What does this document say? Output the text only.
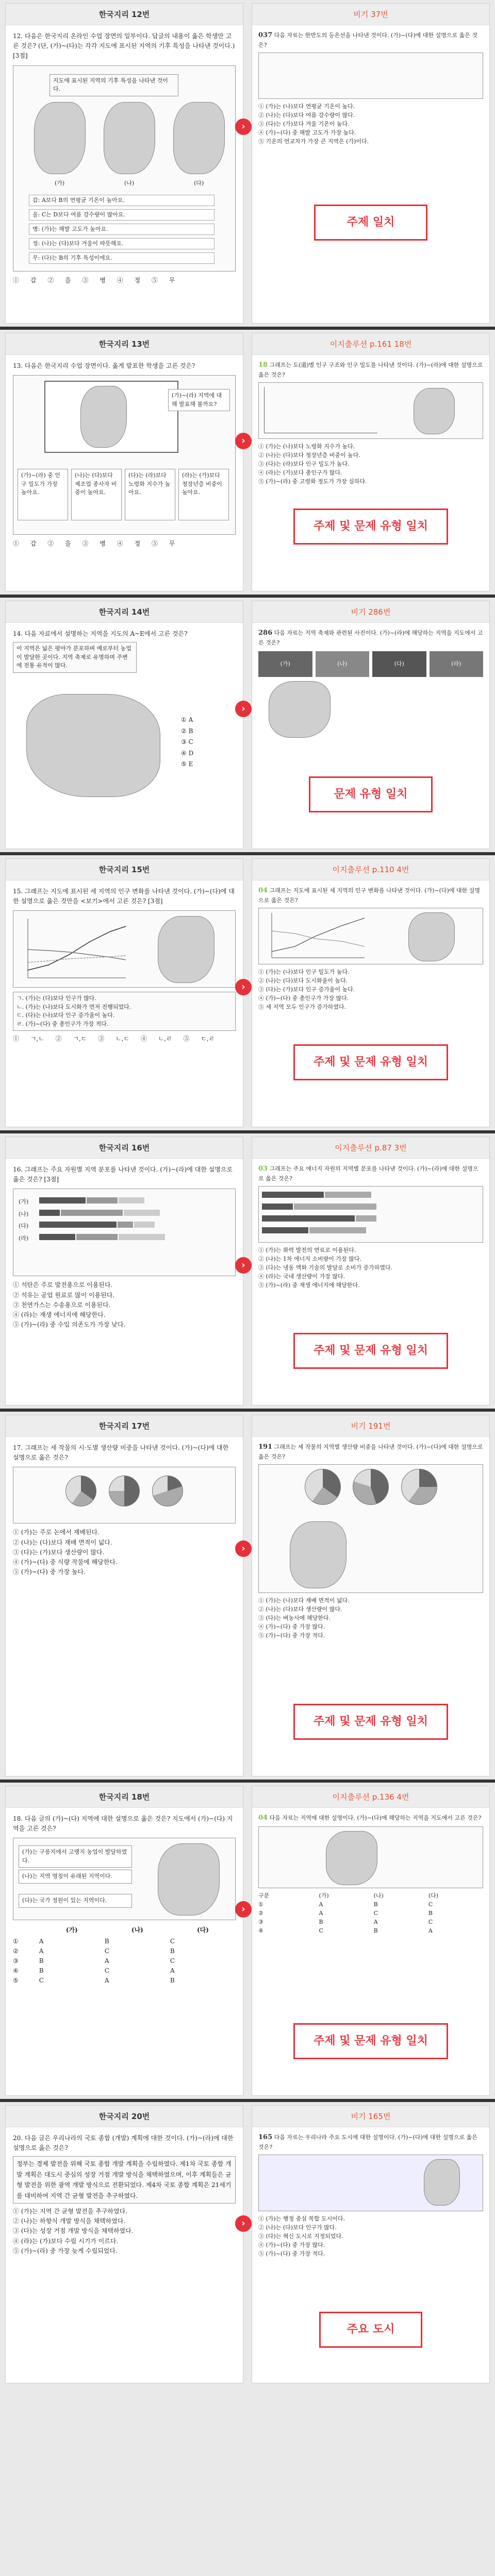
한국지리 12번
12. 다음은 한국지리 온라인 수업 장면의 일부이다. 답글의 내용이 옳은 학생만 고른 것은? (단, (가)~(다)는 각각 지도에 표시된 지역의 기후 특성을 나타낸 것이다.) [3점]
지도에 표시된 지역의 기후 특성을 나타낸 것이다.
(가)	(나)	(다)
갑: A보다 B의 연평균 기온이 높아요.
을: C는 D보다 여름 강수량이 많아요.
병: (가)는 해발 고도가 높아요.
정: (나)는 (다)보다 겨울이 따뜻해요.
무: (다)는 B의 기후 특성이에요.
① 갑 ② 을 ③ 병 ④ 정 ⑤ 무
›
비기 37번
037 다음 자료는 한반도의 등온선을 나타낸 것이다. (가)~(다)에 대한 설명으로 옳은 것은?
① (가)는 (나)보다 연평균 기온이 높다.
② (나)는 (다)보다 여름 강수량이 많다.
③ (다)는 (가)보다 겨울 기온이 높다.
④ (가)~(다) 중 해발 고도가 가장 높다.
⑤ 기온의 연교차가 가장 큰 지역은 (가)이다.
주제 일치
한국지리 13번
13. 다음은 한국지리 수업 장면이다. 옳게 발표한 학생을 고른 것은?
(가)~(라) 지역에 대해 발표해 볼까요?
(가)~(라) 중 인구 밀도가 가장 높아요.
(나)는 (다)보다 제조업 종사자 비중이 높아요.
(다)는 (라)보다 노령화 지수가 높아요.
(라)는 (가)보다 청장년층 비중이 높아요.
① 갑 ② 을 ③ 병 ④ 정 ⑤ 무
›
이지출루션 p.161 18번
18 그래프는 도(道)별 인구 구조와 인구 밀도를 나타낸 것이다. (가)~(라)에 대한 설명으로 옳은 것은?
① (가)는 (나)보다 노령화 지수가 높다.
② (나)는 (다)보다 청장년층 비중이 높다.
③ (다)는 (라)보다 인구 밀도가 높다.
④ (라)는 (가)보다 총인구가 많다.
⑤ (가)~(라) 중 고령화 정도가 가장 심하다.
주제 및 문제 유형 일치
한국지리 14번
14. 다음 자료에서 설명하는 지역을 지도의 A~E에서 고른 것은?
이 지역은 넓은 평야가 분포하며 예로부터 농업이 발달한 곳이다. 지역 축제로 유명하며 주변에 전통 유적이 많다.
① A
② B
③ C
④ D
⑤ E
›
비기 286번
286 다음 자료는 지역 축제와 관련된 사진이다. (가)~(라)에 해당하는 지역을 지도에서 고른 것은?
(가)	(나)	(다)	(라)
문제 유형 일치
한국지리 15번
15. 그래프는 지도에 표시된 세 지역의 인구 변화를 나타낸 것이다. (가)~(다)에 대한 설명으로 옳은 것만을 <보기>에서 고른 것은? [3점]
ㄱ. (가)는 (다)보다 인구가 많다.
ㄴ. (가)는 (나)보다 도시화가 먼저 진행되었다.
ㄷ. (다)는 (나)보다 인구 증가율이 높다.
ㄹ. (가)~(다) 중 총인구가 가장 적다.
① ㄱ,ㄴ ② ㄱ,ㄷ ③ ㄴ,ㄷ ④ ㄴ,ㄹ ⑤ ㄷ,ㄹ
›
이지출루션 p.110 4번
04 그래프는 지도에 표시된 세 지역의 인구 변화를 나타낸 것이다. (가)~(다)에 대한 설명으로 옳은 것은?
① (가)는 (나)보다 인구 밀도가 높다.
② (나)는 (다)보다 도시화율이 높다.
③ (다)는 (가)보다 인구 증가율이 높다.
④ (가)~(다) 중 총인구가 가장 많다.
⑤ 세 지역 모두 인구가 증가하였다.
주제 및 문제 유형 일치
한국지리 16번
16. 그래프는 주요 자원별 지역 분포를 나타낸 것이다. (가)~(라)에 대한 설명으로 옳은 것은? [3점]
(가)
(나)
(다)
(라)
① 석탄은 주로 발전용으로 이용된다.
② 석유는 공업 원료로 많이 이용된다.
③ 천연가스는 수송용으로 이용된다.
④ (라)는 재생 에너지에 해당한다.
⑤ (가)~(라) 중 수입 의존도가 가장 낮다.
›
이지출루션 p.87 3번
03 그래프는 주요 에너지 자원의 지역별 분포를 나타낸 것이다. (가)~(라)에 대한 설명으로 옳은 것은?
① (가)는 화력 발전의 연료로 이용된다.
② (나)는 1차 에너지 소비량이 가장 많다.
③ (다)는 냉동 액화 기술의 발달로 소비가 증가하였다.
④ (라)는 국내 생산량이 가장 많다.
⑤ (가)~(라) 중 재생 에너지에 해당한다.
주제 및 문제 유형 일치
한국지리 17번
17. 그래프는 세 작물의 시·도별 생산량 비중을 나타낸 것이다. (가)~(다)에 대한 설명으로 옳은 것은?

① (가)는 주로 논에서 재배된다.
② (나)는 (다)보다 재배 면적이 넓다.
③ (다)는 (가)보다 생산량이 많다.
④ (가)~(다) 중 식량 작물에 해당한다.
⑤ (가)~(다) 중 가장 높다.
›
비기 191번
191 그래프는 세 작물의 지역별 생산량 비중을 나타낸 것이다. (가)~(다)에 대한 설명으로 옳은 것은?

① (가)는 (나)보다 재배 면적이 넓다.
② (나)는 (다)보다 생산량이 많다.
③ (다)는 벼농사에 해당한다.
④ (가)~(다) 중 가장 많다.
⑤ (가)~(다) 중 가장 적다.
주제 및 문제 유형 일치
한국지리 18번
18. 다음 글의 (가)~(다) 지역에 대한 설명으로 옳은 것은? 지도에서 (가)~(다) 지역을 고른 것은?
(가)는 구릉지에서 고랭지 농업이 발달하였다.
(나)는 지역 명칭이 유래된 지역이다.
(다)는 국가 정원이 있는 지역이다.
	(가)	(나)	(다)
①	A	B	C
②	A	C	B
③	B	A	C
④	B	C	A
⑤	C	A	B
›
이지출루션 p.136 4번
04 다음 자료는 지역에 대한 설명이다. (가)~(다)에 해당하는 지역을 지도에서 고른 것은?
구분	(가)	(나)	(다)
①	A	B	C
②	A	C	B
③	B	A	C
④	C	B	A
주제 및 문제 유형 일치
한국지리 20번
20. 다음 글은 우리나라의 국토 종합 (개발) 계획에 대한 것이다. (가)~(라)에 대한 설명으로 옳은 것은?
정부는 경제 발전을 위해 국토 종합 개발 계획을 수립하였다. 제1차 국토 종합 개발 계획은 대도시 중심의 성장 거점 개발 방식을 채택하였으며, 이후 계획들은 균형 발전을 위한 광역 개발 방식으로 전환되었다. 제4차 국토 종합 계획은 21세기를 대비하여 지역 간 균형 발전을 추구하였다.
① (가)는 지역 간 균형 발전을 추구하였다.
② (나)는 하향식 개발 방식을 채택하였다.
③ (다)는 성장 거점 개발 방식을 채택하였다.
④ (라)는 (가)보다 수립 시기가 이르다.
⑤ (가)~(라) 중 가장 늦게 수립되었다.
›
비기 165번
165 다음 자료는 우리나라 주요 도시에 대한 설명이다. (가)~(다)에 대한 설명으로 옳은 것은?
① (가)는 행정 중심 복합 도시이다.
② (나)는 (다)보다 인구가 많다.
③ (다)는 혁신 도시로 지정되었다.
④ (가)~(다) 중 가장 많다.
⑤ (가)~(다) 중 가장 적다.
주요 도시
